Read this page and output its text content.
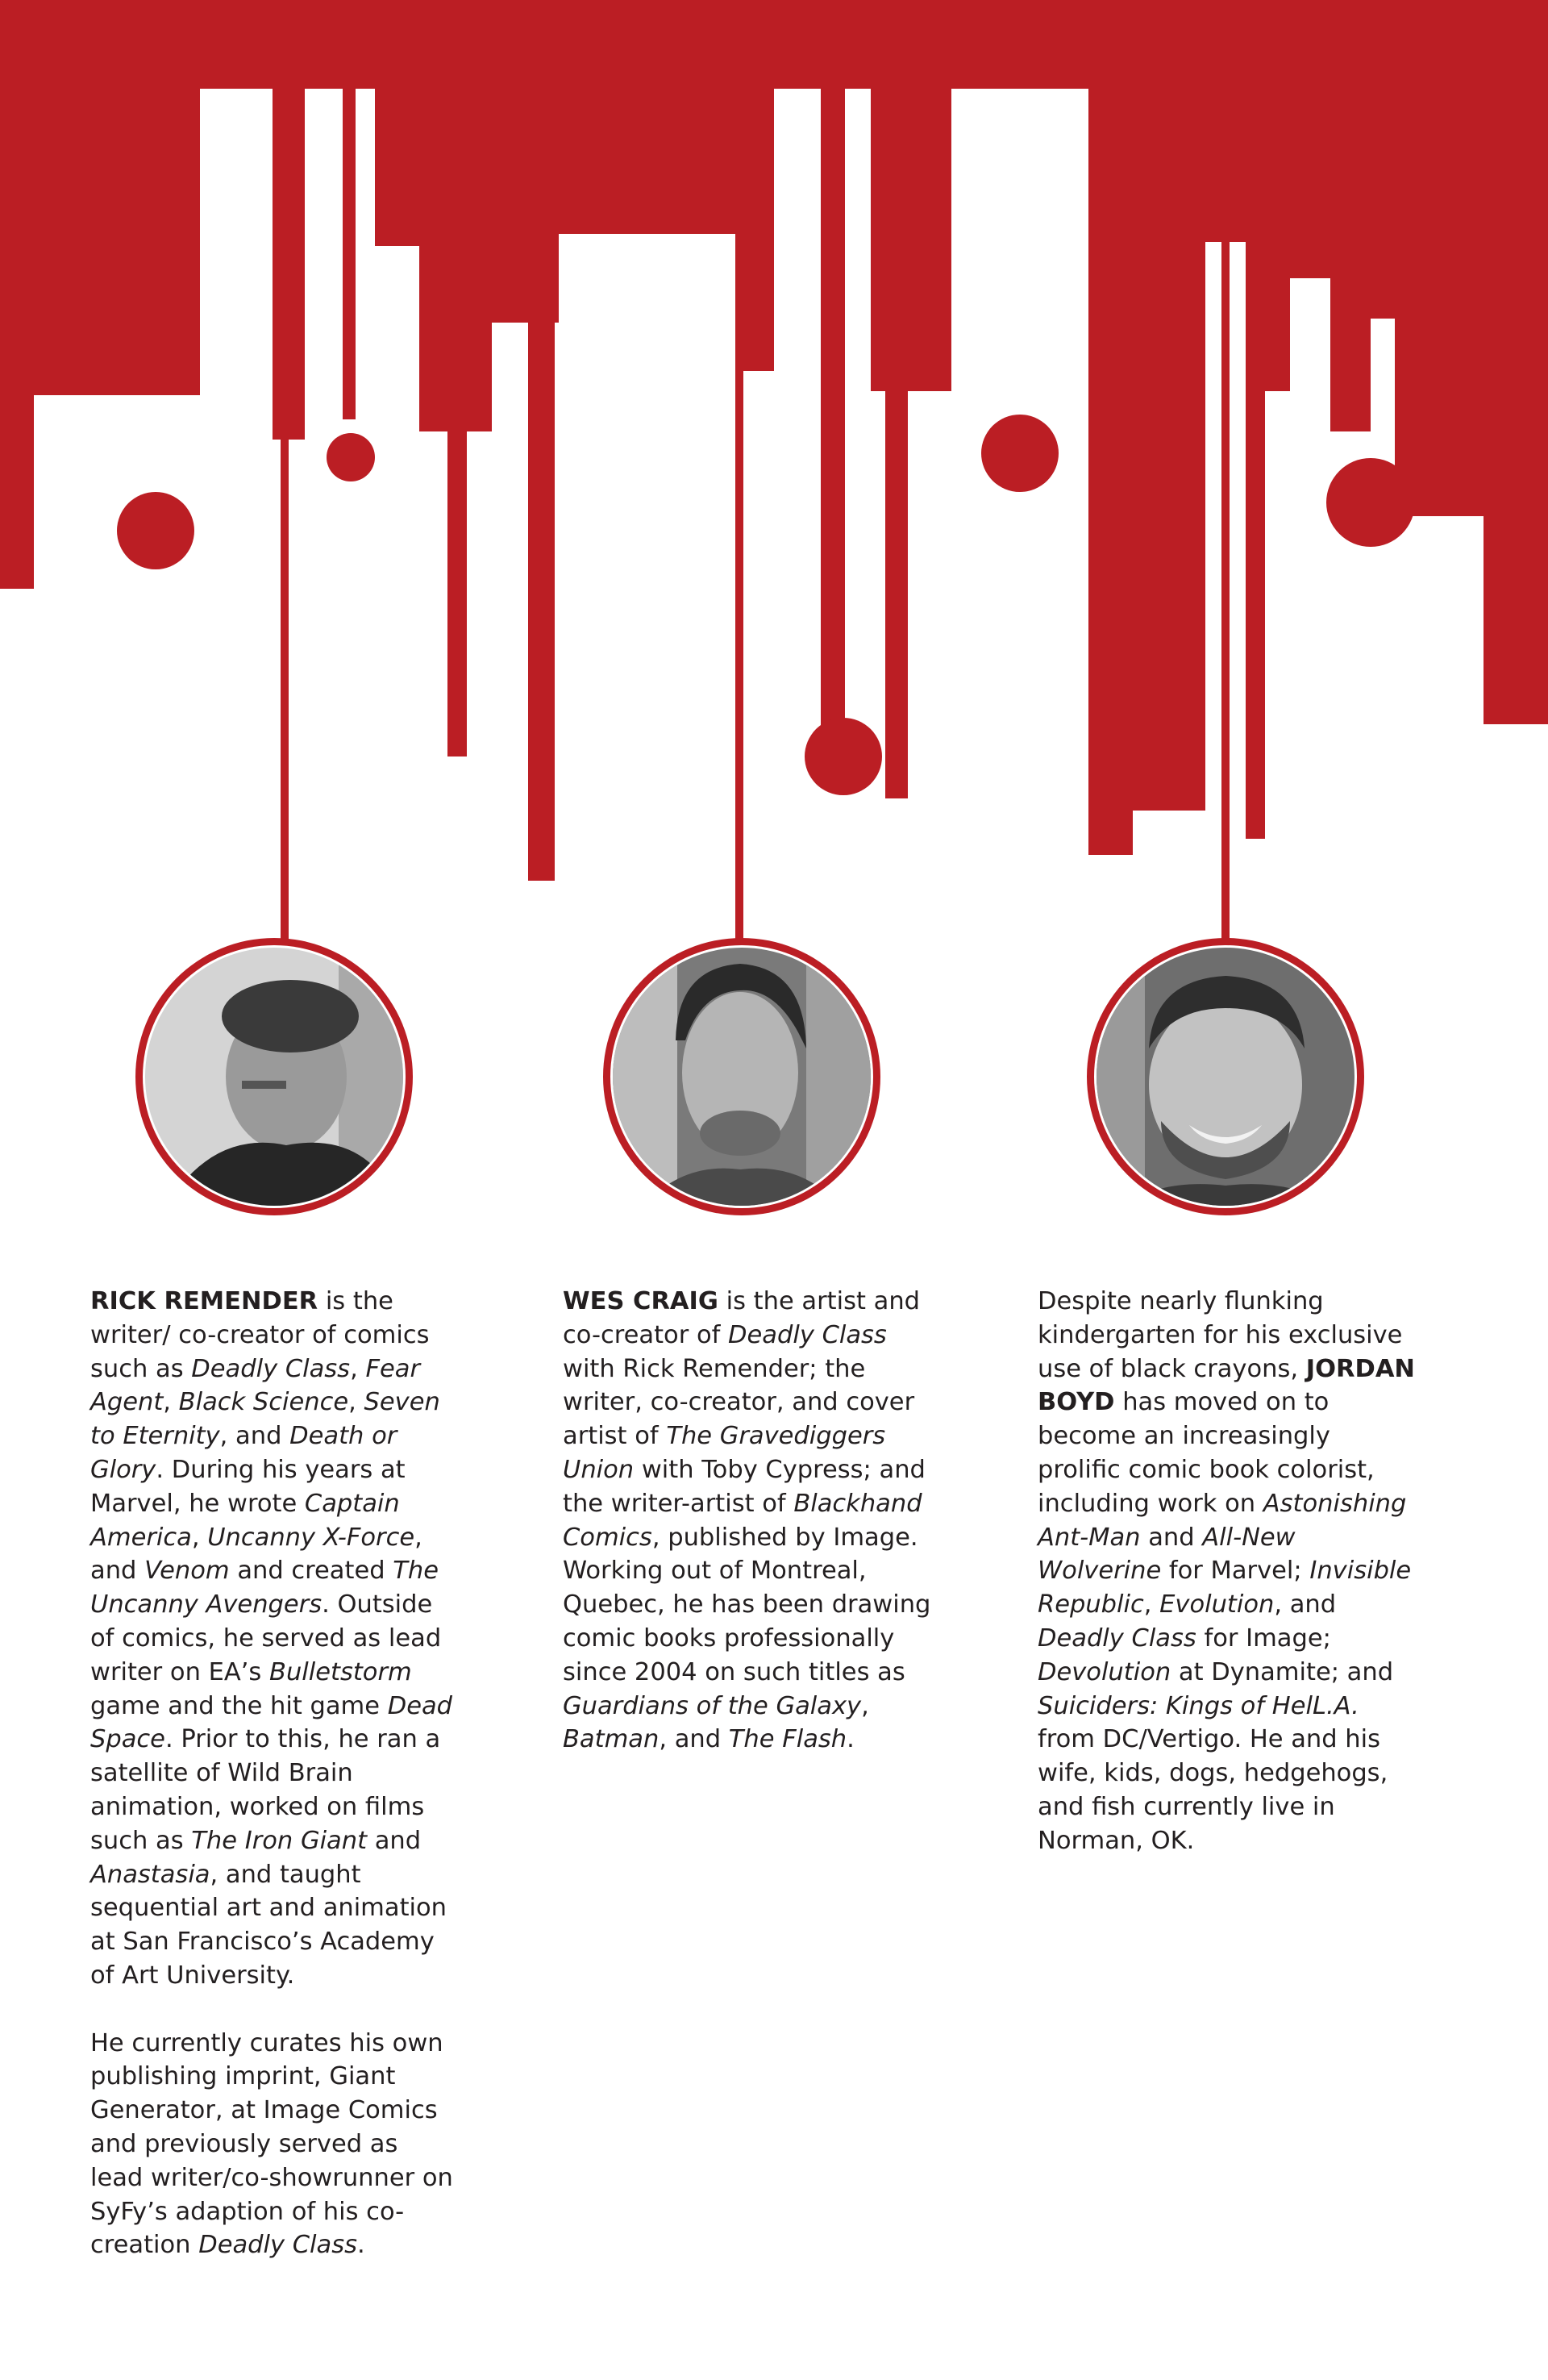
RICK REMENDER is the writer/ co-creator of comics such as Deadly Class, Fear Agent, Black Science, Seven to Eternity, and Death or Glory. During his years at Marvel, he wrote Captain America, Uncanny X-Force, and Venom and created The Uncanny Avengers. Outside of comics, he served as lead writer on EA’s Bulletstorm game and the hit game Dead Space. Prior to this, he ran a satellite of Wild Brain animation, worked on films such as The Iron Giant and Anastasia, and taught sequential art and animation at San Francisco’s Academy of Art University.

He currently curates his own publishing imprint, Giant Generator, at Image Comics and previously served as lead writer/co-showrunner on SyFy’s adaption of his co-creation Deadly Class.

WES CRAIG is the artist and co-creator of Deadly Class with Rick Remender; the writer, co-creator, and cover artist of The Gravediggers Union with Toby Cypress; and the writer-artist of Blackhand Comics, published by Image. Working out of Montreal, Quebec, he has been drawing comic books professionally since 2004 on such titles as Guardians of the Galaxy, Batman, and The Flash.

Despite nearly flunking kindergarten for his exclusive use of black crayons, JORDAN BOYD has moved on to become an increasingly prolific comic book colorist, including work on Astonishing Ant-Man and All-New Wolverine for Marvel; Invisible Republic, Evolution, and Deadly Class for Image; Devolution at Dynamite; and Suiciders: Kings of HelL.A. from DC/Vertigo. He and his wife, kids, dogs, hedgehogs, and fish currently live in Norman, OK.
